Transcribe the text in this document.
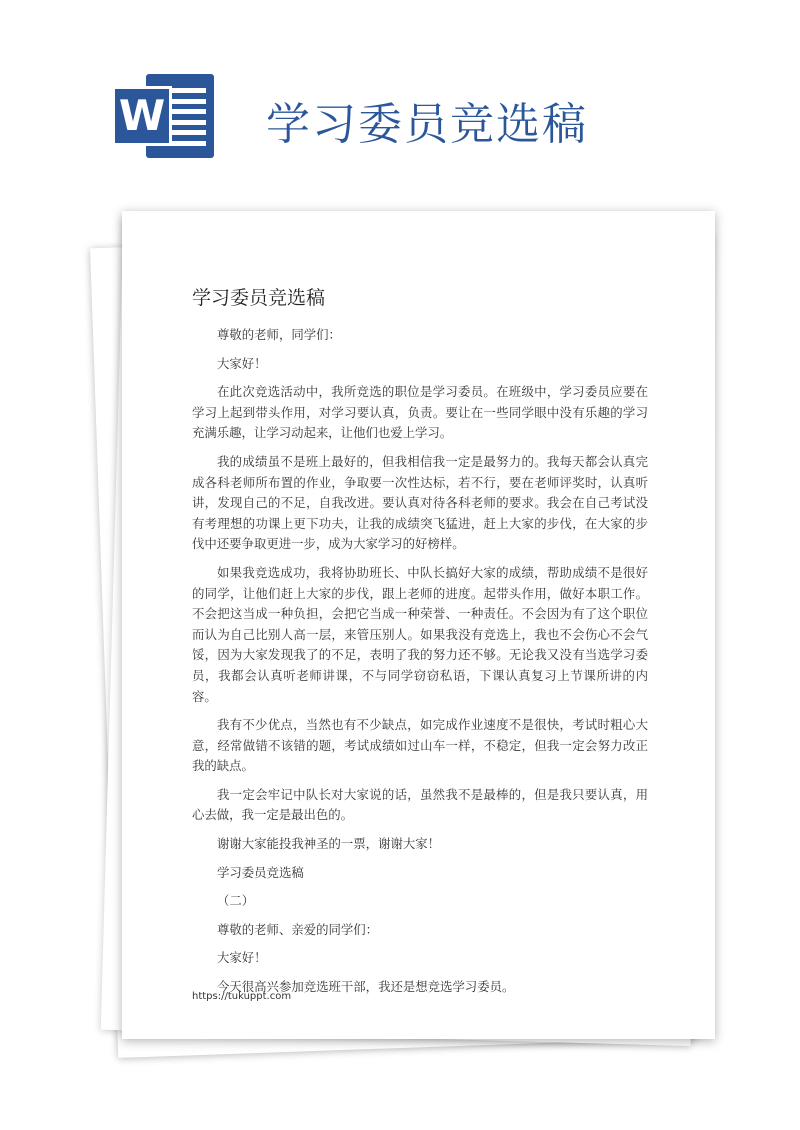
W 学习委员竞选稿
学习委员竞选稿

尊敬的老师，同学们：

大家好！

在此次竞选活动中，我所竞选的职位是学习委员。在班级中，学习委员应要在学习上起到带头作用，对学习要认真，负责。要让在一些同学眼中没有乐趣的学习充满乐趣，让学习动起来，让他们也爱上学习。

我的成绩虽不是班上最好的，但我相信我一定是最努力的。我每天都会认真完成各科老师所布置的作业，争取要一次性达标，若不行，要在老师评奖时，认真听讲，发现自己的不足，自我改进。要认真对待各科老师的要求。我会在自己考试没有考理想的功课上更下功夫，让我的成绩突飞猛进，赶上大家的步伐，在大家的步伐中还要争取更进一步，成为大家学习的好榜样。

如果我竞选成功，我将协助班长、中队长搞好大家的成绩，帮助成绩不是很好的同学，让他们赶上大家的步伐，跟上老师的进度。起带头作用，做好本职工作。不会把这当成一种负担，会把它当成一种荣誉、一种责任。不会因为有了这个职位而认为自己比别人高一层，来管压别人。如果我没有竞选上，我也不会伤心不会气馁，因为大家发现我了的不足，表明了我的努力还不够。无论我又没有当选学习委员，我都会认真听老师讲课，不与同学窃窃私语，下课认真复习上节课所讲的内容。

我有不少优点，当然也有不少缺点，如完成作业速度不是很快，考试时粗心大意，经常做错不该错的题，考试成绩如过山车一样，不稳定，但我一定会努力改正我的缺点。

我一定会牢记中队长对大家说的话，虽然我不是最棒的，但是我只要认真，用心去做，我一定是最出色的。

谢谢大家能投我神圣的一票，谢谢大家！

学习委员竞选稿

（二）

尊敬的老师、亲爱的同学们：

大家好！

今天很高兴参加竞选班干部，我还是想竞选学习委员。

https://tukuppt.com
